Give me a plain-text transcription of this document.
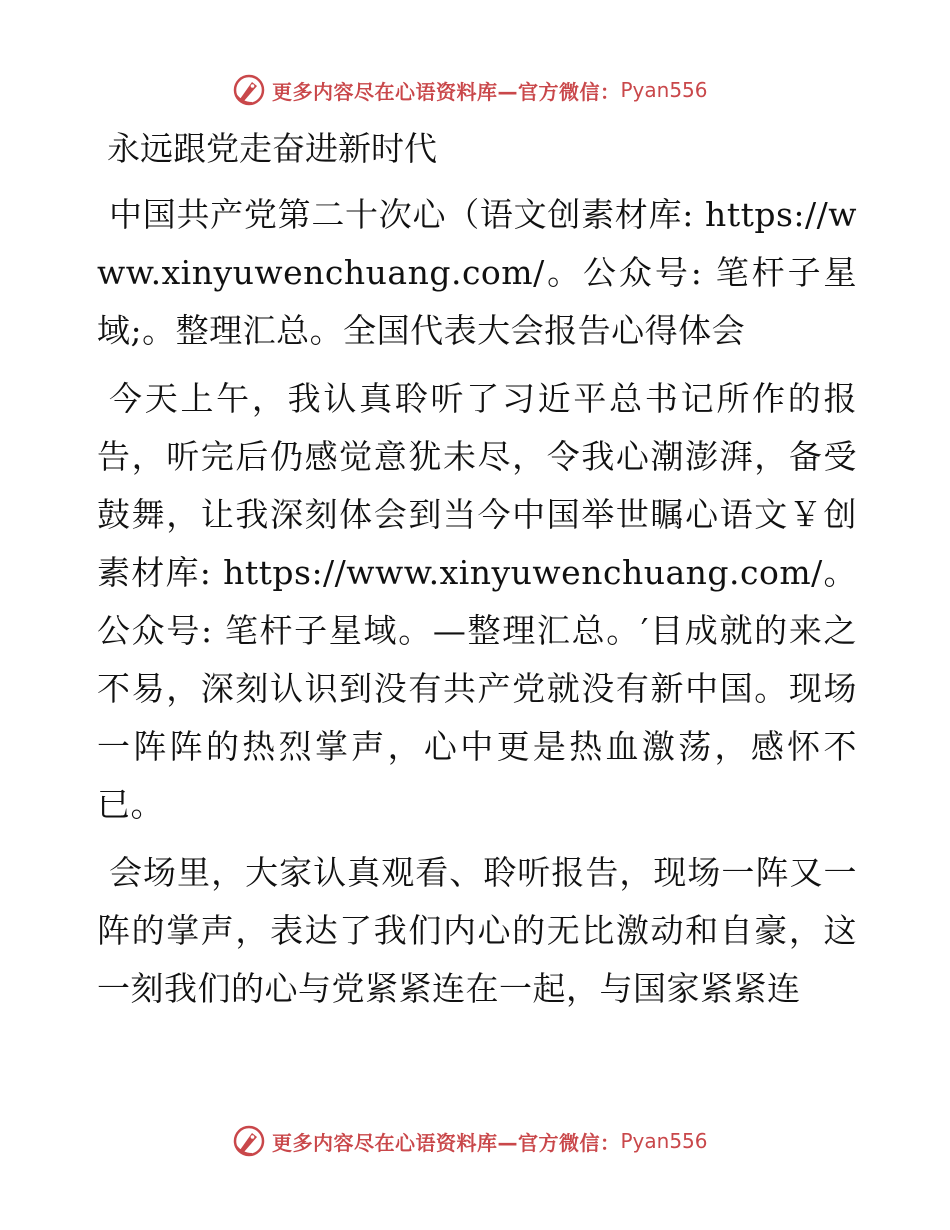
更多内容尽在心语资料库—官方微信： Pyan556
永远跟党走奋进新时代

中国共产党第二十次心（语文创素材库: https://www.xinyuwenchuang.com/。公众号: 笔杆子星域;。整理汇总。全国代表大会报告心得体会

今天上午，我认真聆听了习近平总书记所作的报告，听完后仍感觉意犹未尽，令我心潮澎湃，备受鼓舞，让我深刻体会到当今中国举世瞩心语文￥创素材库: https://www.xinyuwenchuang.com/。公众号: 笔杆子星域。—整理汇总。′目成就的来之不易，深刻认识到没有共产党就没有新中国。现场一阵阵的热烈掌声，心中更是热血激荡，感怀不已。

会场里，大家认真观看、聆听报告，现场一阵又一阵的掌声，表达了我们内心的无比激动和自豪，这一刻我们的心与党紧紧连在一起，与国家紧紧连

更多内容尽在心语资料库—官方微信： Pyan556
